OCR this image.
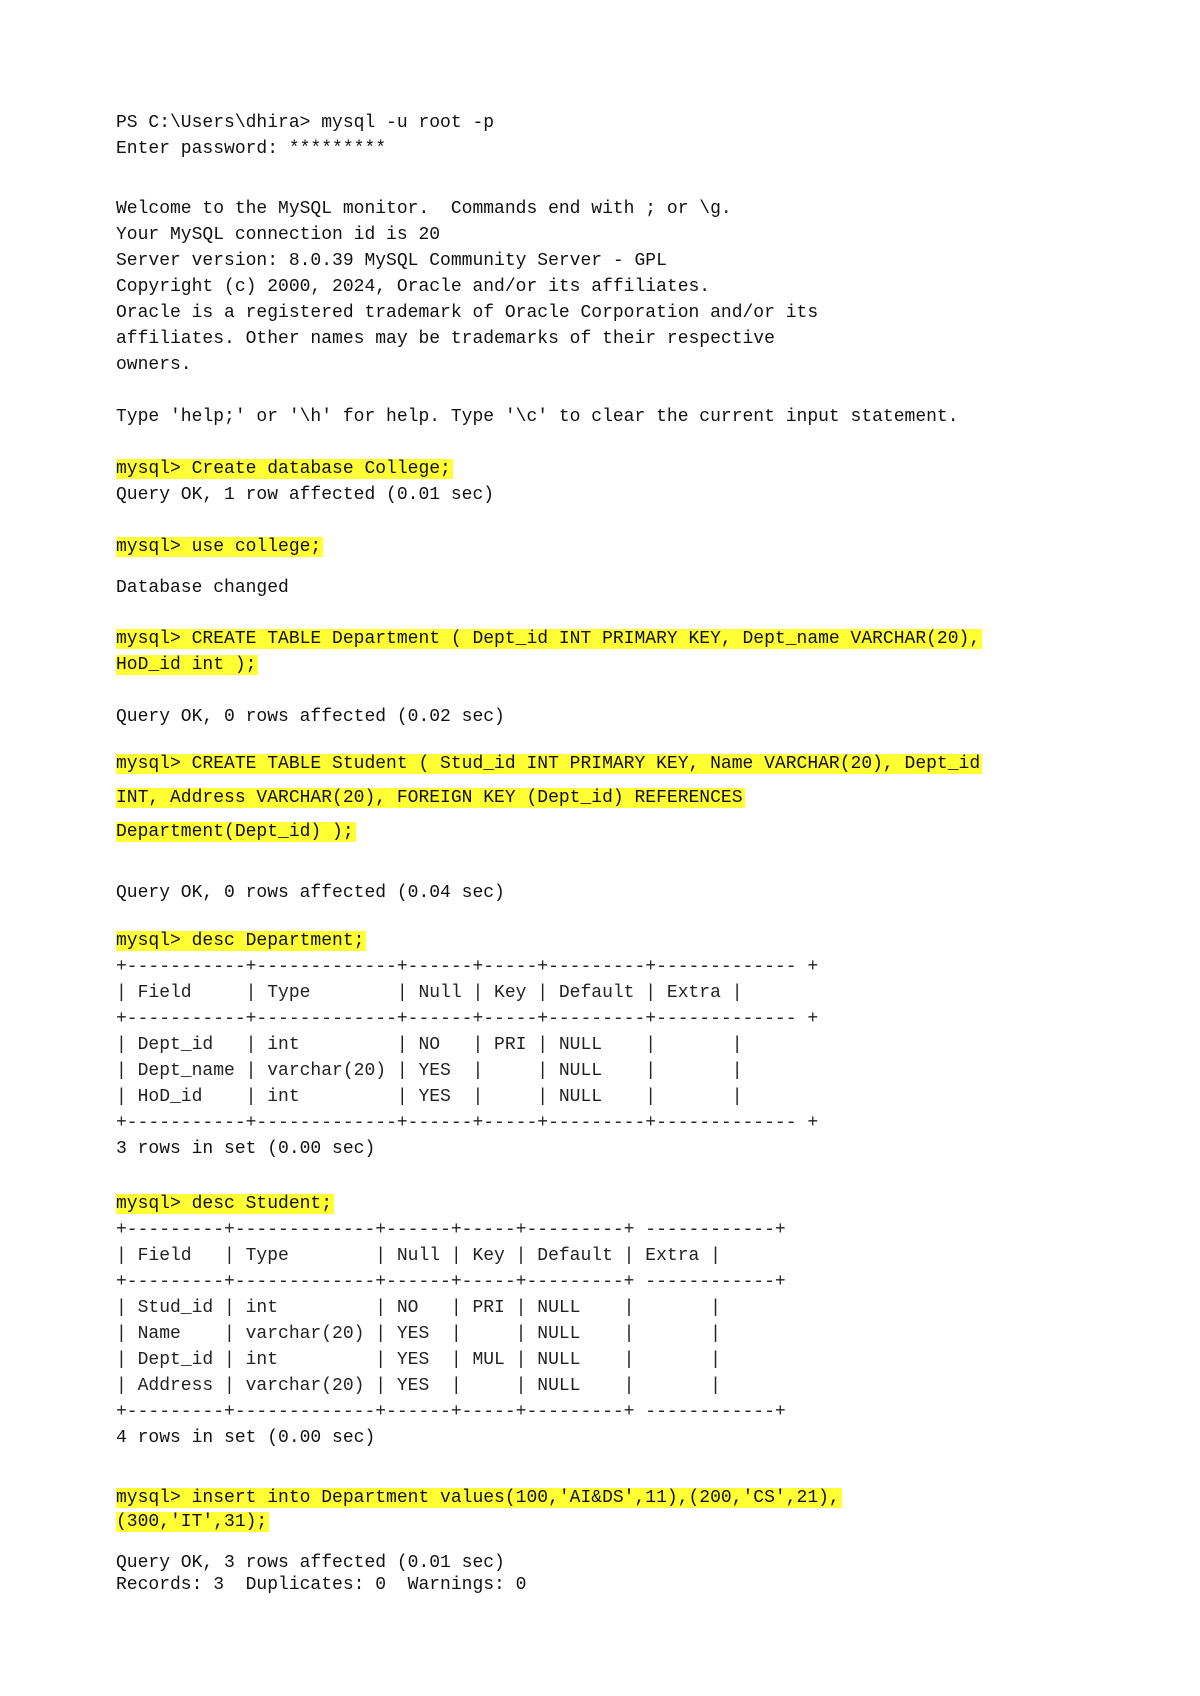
PS C:\Users\dhira> mysql -u root -p

Enter password: *********

Welcome to the MySQL monitor.  Commands end with ; or \g.

Your MySQL connection id is 20

Server version: 8.0.39 MySQL Community Server - GPL

Copyright (c) 2000, 2024, Oracle and/or its affiliates.

Oracle is a registered trademark of Oracle Corporation and/or its

affiliates. Other names may be trademarks of their respective

owners.

Type 'help;' or '\h' for help. Type '\c' to clear the current input statement.

mysql> Create database College;

Query OK, 1 row affected (0.01 sec)

mysql> use college;

Database changed

mysql> CREATE TABLE Department ( Dept_id INT PRIMARY KEY, Dept_name VARCHAR(20),

HoD_id int );

Query OK, 0 rows affected (0.02 sec)

mysql> CREATE TABLE Student ( Stud_id INT PRIMARY KEY, Name VARCHAR(20), Dept_id

INT, Address VARCHAR(20), FOREIGN KEY (Dept_id) REFERENCES

Department(Dept_id) );

Query OK, 0 rows affected (0.04 sec)

mysql> desc Department;

+-----------+-------------+------+-----+---------+------------- +

| Field     | Type        | Null | Key | Default | Extra |

+-----------+-------------+------+-----+---------+------------- +

| Dept_id   | int         | NO   | PRI | NULL    |       |

| Dept_name | varchar(20) | YES  |     | NULL    |       |

| HoD_id    | int         | YES  |     | NULL    |       |

+-----------+-------------+------+-----+---------+------------- +

3 rows in set (0.00 sec)

mysql> desc Student;

+---------+-------------+------+-----+---------+ ------------+

| Field   | Type        | Null | Key | Default | Extra |

+---------+-------------+------+-----+---------+ ------------+

| Stud_id | int         | NO   | PRI | NULL    |       |

| Name    | varchar(20) | YES  |     | NULL    |       |

| Dept_id | int         | YES  | MUL | NULL    |       |

| Address | varchar(20) | YES  |     | NULL    |       |

+---------+-------------+------+-----+---------+ ------------+

4 rows in set (0.00 sec)

mysql> insert into Department values(100,'AI&DS',11),(200,'CS',21),

(300,'IT',31);

Query OK, 3 rows affected (0.01 sec)

Records: 3  Duplicates: 0  Warnings: 0
